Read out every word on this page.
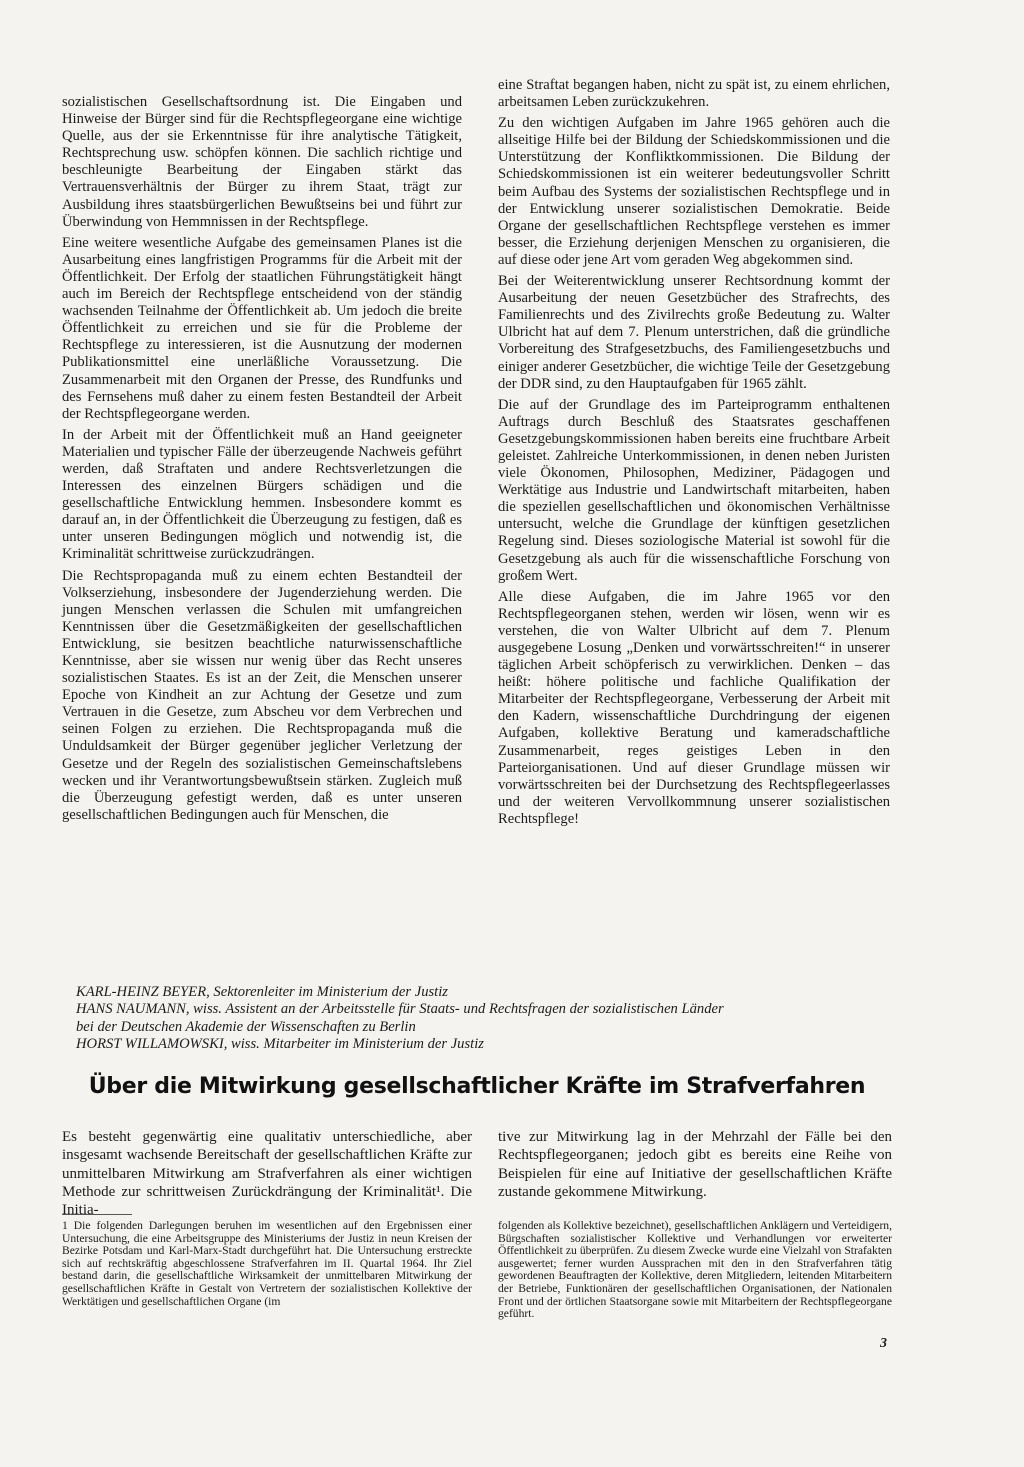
sozialistischen Gesellschaftsordnung ist. Die Eingaben und Hinweise der Bürger sind für die Rechtspflegeorgane eine wichtige Quelle, aus der sie Erkenntnisse für ihre analytische Tätigkeit, Rechtsprechung usw. schöpfen können. Die sachlich richtige und beschleunigte Bearbeitung der Eingaben stärkt das Vertrauensverhältnis der Bürger zu ihrem Staat, trägt zur Ausbildung ihres staatsbürgerlichen Bewußtseins bei und führt zur Überwindung von Hemmnissen in der Rechtspflege.

Eine weitere wesentliche Aufgabe des gemeinsamen Planes ist die Ausarbeitung eines langfristigen Programms für die Arbeit mit der Öffentlichkeit. Der Erfolg der staatlichen Führungstätigkeit hängt auch im Bereich der Rechtspflege entscheidend von der ständig wachsenden Teilnahme der Öffentlichkeit ab. Um jedoch die breite Öffentlichkeit zu erreichen und sie für die Probleme der Rechtspflege zu interessieren, ist die Ausnutzung der modernen Publikationsmittel eine unerläßliche Voraussetzung. Die Zusammenarbeit mit den Organen der Presse, des Rundfunks und des Fernsehens muß daher zu einem festen Bestandteil der Arbeit der Rechtspflegeorgane werden.

In der Arbeit mit der Öffentlichkeit muß an Hand geeigneter Materialien und typischer Fälle der überzeugende Nachweis geführt werden, daß Straftaten und andere Rechtsverletzungen die Interessen des einzelnen Bürgers schädigen und die gesellschaftliche Entwicklung hemmen. Insbesondere kommt es darauf an, in der Öffentlichkeit die Überzeugung zu festigen, daß es unter unseren Bedingungen möglich und notwendig ist, die Kriminalität schrittweise zurückzudrängen.

Die Rechtspropaganda muß zu einem echten Bestandteil der Volkserziehung, insbesondere der Jugenderziehung werden. Die jungen Menschen verlassen die Schulen mit umfangreichen Kenntnissen über die Gesetzmäßigkeiten der gesellschaftlichen Entwicklung, sie besitzen beachtliche naturwissenschaftliche Kenntnisse, aber sie wissen nur wenig über das Recht unseres sozialistischen Staates. Es ist an der Zeit, die Menschen unserer Epoche von Kindheit an zur Achtung der Gesetze und zum Vertrauen in die Gesetze, zum Abscheu vor dem Verbrechen und seinen Folgen zu erziehen. Die Rechtspropaganda muß die Unduldsamkeit der Bürger gegenüber jeglicher Verletzung der Gesetze und der Regeln des sozialistischen Gemeinschaftslebens wecken und ihr Verantwortungsbewußtsein stärken. Zugleich muß die Überzeugung gefestigt werden, daß es unter unseren gesellschaftlichen Bedingungen auch für Menschen, die

eine Straftat begangen haben, nicht zu spät ist, zu einem ehrlichen, arbeitsamen Leben zurückzukehren.

Zu den wichtigen Aufgaben im Jahre 1965 gehören auch die allseitige Hilfe bei der Bildung der Schiedskommissionen und die Unterstützung der Konfliktkommissionen. Die Bildung der Schiedskommissionen ist ein weiterer bedeutungsvoller Schritt beim Aufbau des Systems der sozialistischen Rechtspflege und in der Entwicklung unserer sozialistischen Demokratie. Beide Organe der gesellschaftlichen Rechtspflege verstehen es immer besser, die Erziehung derjenigen Menschen zu organisieren, die auf diese oder jene Art vom geraden Weg abgekommen sind.

Bei der Weiterentwicklung unserer Rechtsordnung kommt der Ausarbeitung der neuen Gesetzbücher des Strafrechts, des Familienrechts und des Zivilrechts große Bedeutung zu. Walter Ulbricht hat auf dem 7. Plenum unterstrichen, daß die gründliche Vorbereitung des Strafgesetzbuchs, des Familiengesetzbuchs und einiger anderer Gesetzbücher, die wichtige Teile der Gesetzgebung der DDR sind, zu den Hauptaufgaben für 1965 zählt.

Die auf der Grundlage des im Parteiprogramm enthaltenen Auftrags durch Beschluß des Staatsrates geschaffenen Gesetzgebungskommissionen haben bereits eine fruchtbare Arbeit geleistet. Zahlreiche Unterkommissionen, in denen neben Juristen viele Ökonomen, Philosophen, Mediziner, Pädagogen und Werktätige aus Industrie und Landwirtschaft mitarbeiten, haben die speziellen gesellschaftlichen und ökonomischen Verhältnisse untersucht, welche die Grundlage der künftigen gesetzlichen Regelung sind. Dieses soziologische Material ist sowohl für die Gesetzgebung als auch für die wissenschaftliche Forschung von großem Wert.

Alle diese Aufgaben, die im Jahre 1965 vor den Rechtspflegeorganen stehen, werden wir lösen, wenn wir es verstehen, die von Walter Ulbricht auf dem 7. Plenum ausgegebene Losung „Denken und vorwärtsschreiten!“ in unserer täglichen Arbeit schöpferisch zu verwirklichen. Denken – das heißt: höhere politische und fachliche Qualifikation der Mitarbeiter der Rechtspflegeorgane, Verbesserung der Arbeit mit den Kadern, wissenschaftliche Durchdringung der eigenen Aufgaben, kollektive Beratung und kameradschaftliche Zusammenarbeit, reges geistiges Leben in den Parteiorganisationen. Und auf dieser Grundlage müssen wir vorwärtsschreiten bei der Durchsetzung des Rechtspflegeerlasses und der weiteren Vervollkommnung unserer sozialistischen Rechtspflege!

KARL-HEINZ BEYER, Sektorenleiter im Ministerium der Justiz
HANS NAUMANN, wiss. Assistent an der Arbeitsstelle für Staats- und Rechtsfragen der sozialistischen Länder
bei der Deutschen Akademie der Wissenschaften zu Berlin
HORST WILLAMOWSKI, wiss. Mitarbeiter im Ministerium der Justiz
Über die Mitwirkung gesellschaftlicher Kräfte im Strafverfahren

Es besteht gegenwärtig eine qualitativ unterschiedliche, aber insgesamt wachsende Bereitschaft der gesellschaftlichen Kräfte zur unmittelbaren Mitwirkung am Strafverfahren als einer wichtigen Methode zur schrittweisen Zurückdrängung der Kriminalität¹. Die Initia-

tive zur Mitwirkung lag in der Mehrzahl der Fälle bei den Rechtspflegeorganen; jedoch gibt es bereits eine Reihe von Beispielen für eine auf Initiative der gesellschaftlichen Kräfte zustande gekommene Mitwirkung.

1 Die folgenden Darlegungen beruhen im wesentlichen auf den Ergebnissen einer Untersuchung, die eine Arbeitsgruppe des Ministeriums der Justiz in neun Kreisen der Bezirke Potsdam und Karl-Marx-Stadt durchgeführt hat. Die Untersuchung erstreckte sich auf rechtskräftig abgeschlossene Strafverfahren im II. Quartal 1964. Ihr Ziel bestand darin, die gesellschaftliche Wirksamkeit der unmittelbaren Mitwirkung der gesellschaftlichen Kräfte in Gestalt von Vertretern der sozialistischen Kollektive der Werktätigen und gesellschaftlichen Organe (im
folgenden als Kollektive bezeichnet), gesellschaftlichen Anklägern und Verteidigern, Bürgschaften sozialistischer Kollektive und Verhandlungen vor erweiterter Öffentlichkeit zu überprüfen. Zu diesem Zwecke wurde eine Vielzahl von Strafakten ausgewertet; ferner wurden Aussprachen mit den in den Strafverfahren tätig gewordenen Beauftragten der Kollektive, deren Mitgliedern, leitenden Mitarbeitern der Betriebe, Funktionären der gesellschaftlichen Organisationen, der Nationalen Front und der örtlichen Staatsorgane sowie mit Mitarbeitern der Rechtspflegeorgane geführt.
3
